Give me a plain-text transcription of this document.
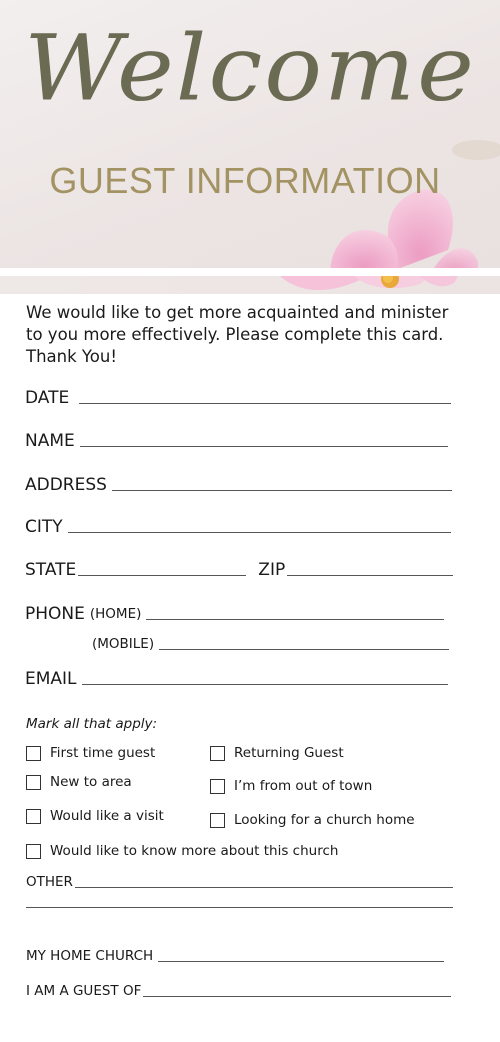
Welcome
GUEST INFORMATION
We would like to get more acquainted and minister to you more effectively. Please complete this card. Thank You!
DATE
NAME
ADDRESS
CITY
STATE	ZIP
PHONE (HOME)
(MOBILE)
EMAIL
Mark all that apply:
First time guest	Returning Guest
New to area	I’m from out of town
Would like a visit	Looking for a church home
Would like to know more about this church
OTHER
MY HOME CHURCH
I AM A GUEST OF
